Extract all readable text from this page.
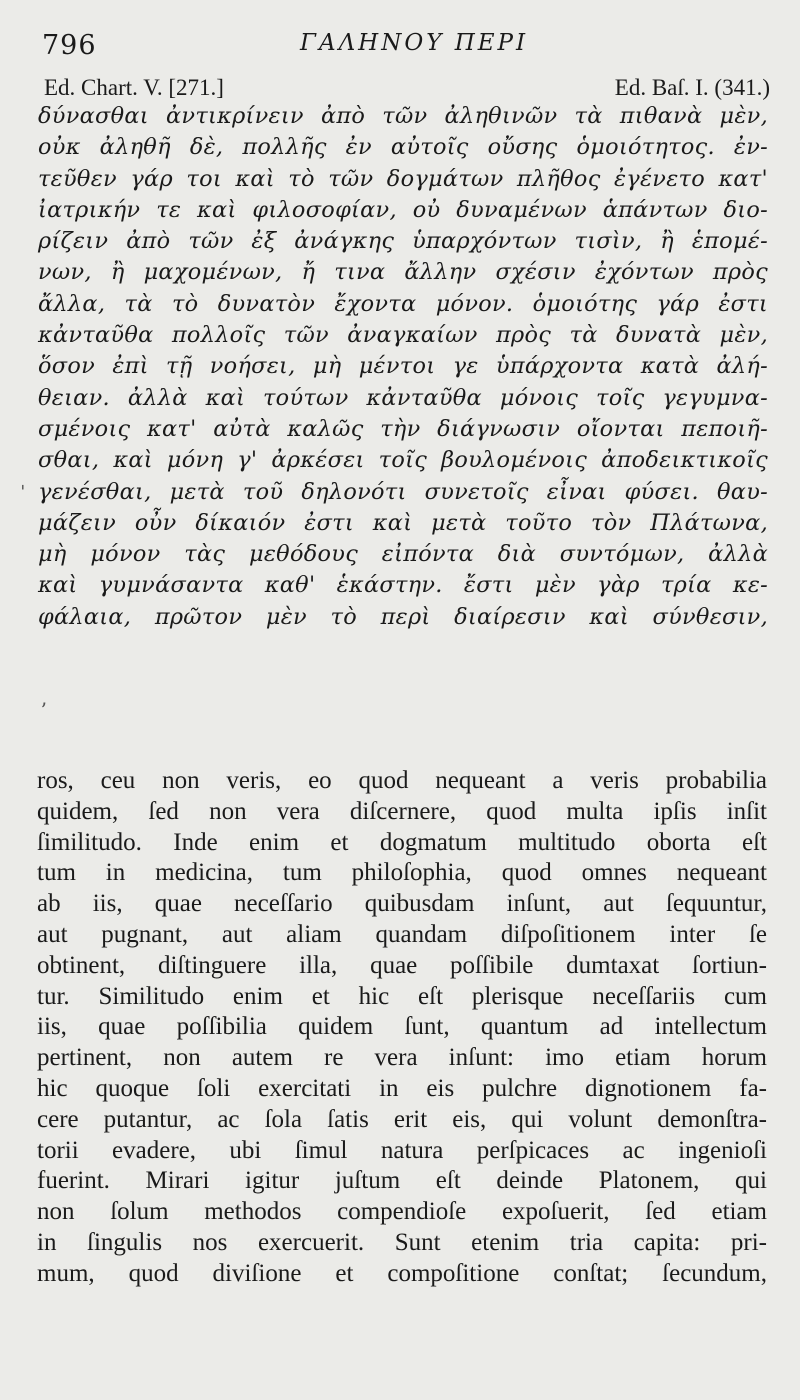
796	ΓΑΛΗΝΟΥ ΠΕΡΙ
Ed. Chart. V. [271.]	Ed. Baſ. I. (341.)
δύνασθαι ἀντικρίνειν ἀπὸ τῶν ἀληθινῶν τὰ πιθανὰ μὲν,
οὐκ ἀληθῆ δὲ, πολλῆς ἐν αὐτοῖς οὔσης ὁμοιότητος. ἐν-
τεῦθεν γάρ τοι καὶ τὸ τῶν δογμάτων πλῆθος ἐγένετο κατ'
ἰατρικήν τε καὶ φιλοσοφίαν, οὐ δυναμένων ἁπάντων διο-
ρίζειν ἀπὸ τῶν ἐξ ἀνάγκης ὑπαρχόντων τισὶν, ἢ ἑπομέ-
νων, ἢ μαχομένων, ἤ τινα ἄλλην σχέσιν ἐχόντων πρὸς
ἄλλα, τὰ τὸ δυνατὸν ἔχοντα μόνον. ὁμοιότης γάρ ἐστι
κἀνταῦθα πολλοῖς τῶν ἀναγκαίων πρὸς τὰ δυνατὰ μὲν,
ὅσον ἐπὶ τῇ νοήσει, μὴ μέντοι γε ὑπάρχοντα κατὰ ἀλή-
θειαν. ἀλλὰ καὶ τούτων κἀνταῦθα μόνοις τοῖς γεγυμνα-
σμένοις κατ' αὐτὰ καλῶς τὴν διάγνωσιν οἴονται πεποιῆ-
σθαι, καὶ μόνη γ' ἀρκέσει τοῖς βουλομένοις ἀποδεικτικοῖς
γενέσθαι, μετὰ τοῦ δηλονότι συνετοῖς εἶναι φύσει. θαυ-
μάζειν οὖν δίκαιόν ἐστι καὶ μετὰ τοῦτο τὸν Πλάτωνα,
μὴ μόνον τὰς μεθόδους εἰπόντα διὰ συντόμων, ἀλλὰ
καὶ γυμνάσαντα καθ' ἑκάστην. ἔστι μὲν γὰρ τρία κε-
φάλαια, πρῶτον μὲν τὸ περὶ διαίρεσιν καὶ σύνθεσιν,
ros, ceu non veris, eo quod nequeant a veris probabilia
quidem, ſed non vera diſcernere, quod multa ipſis inſit
ſimilitudo. Inde enim et dogmatum multitudo oborta eſt
tum in medicina, tum philoſophia, quod omnes nequeant
ab iis, quae neceſſario quibusdam inſunt, aut ſequuntur,
aut pugnant, aut aliam quandam diſpoſitionem inter ſe
obtinent, diſtinguere illa, quae poſſibile dumtaxat ſortiun-
tur. Similitudo enim et hic eſt plerisque neceſſariis cum
iis, quae poſſibilia quidem ſunt, quantum ad intellectum
pertinent, non autem re vera inſunt: imo etiam horum
hic quoque ſoli exercitati in eis pulchre dignotionem fa-
cere putantur, ac ſola ſatis erit eis, qui volunt demonſtra-
torii evadere, ubi ſimul natura perſpicaces ac ingenioſi
fuerint. Mirari igitur juſtum eſt deinde Platonem, qui
non ſolum methodos compendioſe expoſuerit, ſed etiam
in ſingulis nos exercuerit. Sunt etenim tria capita: pri-
mum, quod diviſione et compoſitione conſtat; ſecundum,
ˌ
ʼ
